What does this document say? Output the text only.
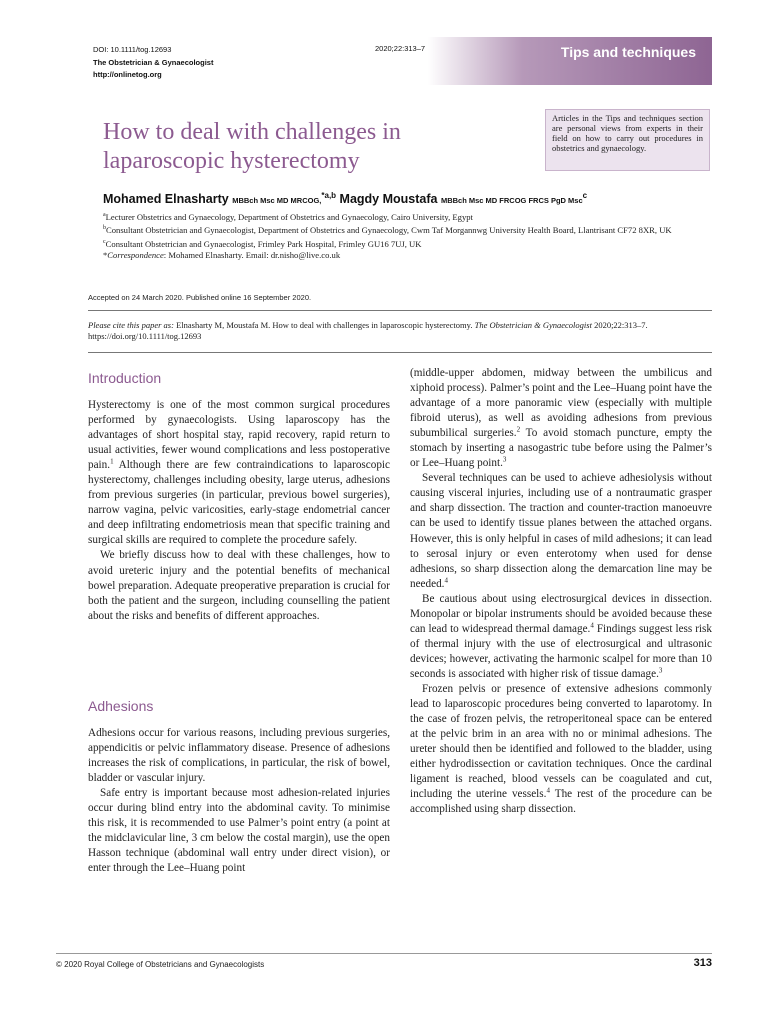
DOI: 10.1111/tog.12693
The Obstetrician & Gynaecologist
http://onlinetog.org
2020;22:313–7	Tips and techniques
How to deal with challenges in laparoscopic hysterectomy
Articles in the Tips and techniques section are personal views from experts in their field on how to carry out procedures in obstetrics and gynaecology.
Mohamed Elnasharty MBBch Msc MD MRCOG,$^{*a,b}$ Magdy Moustafa MBBch Msc MD FRCOG FRCS PgD Msc$^c$
$^a$Lecturer Obstetrics and Gynaecology, Department of Obstetrics and Gynaecology, Cairo University, Egypt
$^b$Consultant Obstetrician and Gynaecologist, Department of Obstetrics and Gynaecology, Cwm Taf Morgannwg University Health Board, Llantrisant CF72 8XR, UK
$^c$Consultant Obstetrician and Gynaecologist, Frimley Park Hospital, Frimley GU16 7UJ, UK
*Correspondence: Mohamed Elnasharty. Email: dr.nisho@live.co.uk
Accepted on 24 March 2020. Published online 16 September 2020.
Please cite this paper as: Elnasharty M, Moustafa M. How to deal with challenges in laparoscopic hysterectomy. The Obstetrician & Gynaecologist 2020;22:313–7. https://doi.org/10.1111/tog.12693
Introduction

Hysterectomy is one of the most common surgical procedures performed by gynaecologists. Using laparoscopy has the advantages of short hospital stay, rapid recovery, rapid return to usual activities, fewer wound complications and less postoperative pain.$^1$ Although there are few contraindications to laparoscopic hysterectomy, challenges including obesity, large uterus, adhesions from previous surgeries (in particular, previous bowel surgeries), narrow vagina, pelvic varicosities, early-stage endometrial cancer and deep infiltrating endometriosis mean that specific training and surgical skills are required to complete the procedure safely.

We briefly discuss how to deal with these challenges, how to avoid ureteric injury and the potential benefits of mechanical bowel preparation. Adequate preoperative preparation is crucial for both the patient and the surgeon, including counselling the patient about the risks and benefits of different approaches.

Adhesions

Adhesions occur for various reasons, including previous surgeries, appendicitis or pelvic inflammatory disease. Presence of adhesions increases the risk of complications, in particular, the risk of bowel, bladder or vascular injury.

Safe entry is important because most adhesion-related injuries occur during blind entry into the abdominal cavity. To minimise this risk, it is recommended to use Palmer’s point entry (a point at the midclavicular line, 3 cm below the costal margin), use the open Hasson technique (abdominal wall entry under direct vision), or enter through the Lee–Huang point

(middle-upper abdomen, midway between the umbilicus and xiphoid process). Palmer’s point and the Lee–Huang point have the advantage of a more panoramic view (especially with multiple fibroid uterus), as well as avoiding adhesions from previous subumbilical surgeries.$^2$ To avoid stomach puncture, empty the stomach by inserting a nasogastric tube before using the Palmer’s or Lee–Huang point.$^3$

Several techniques can be used to achieve adhesiolysis without causing visceral injuries, including use of a nontraumatic grasper and sharp dissection. The traction and counter-traction manoeuvre can be used to identify tissue planes between the attached organs. However, this is only helpful in cases of mild adhesions; it can lead to serosal injury or even enterotomy when used for dense adhesions, so sharp dissection along the demarcation line may be needed.$^4$

Be cautious about using electrosurgical devices in dissection. Monopolar or bipolar instruments should be avoided because these can lead to widespread thermal damage.$^4$ Findings suggest less risk of thermal injury with the use of electrosurgical and ultrasonic devices; however, activating the harmonic scalpel for more than 10 seconds is associated with higher risk of tissue damage.$^3$

Frozen pelvis or presence of extensive adhesions commonly lead to laparoscopic procedures being converted to laparotomy. In the case of frozen pelvis, the retroperitoneal space can be entered at the pelvic brim in an area with no or minimal adhesions. The ureter should then be identified and followed to the bladder, using either hydrodissection or cavitation techniques. Once the cardinal ligament is reached, blood vessels can be coagulated and cut, including the uterine vessels.$^4$ The rest of the procedure can be accomplished using sharp dissection.

© 2020 Royal College of Obstetricians and Gynaecologists	313
